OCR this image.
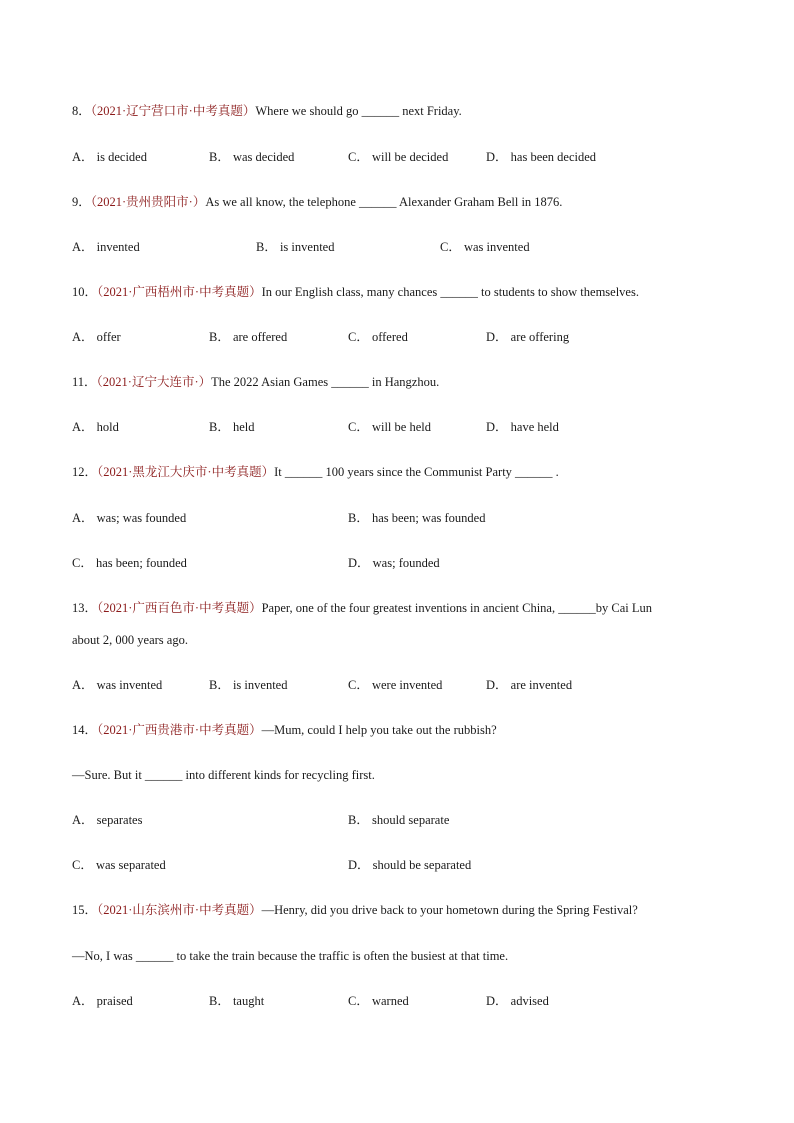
8．（2021·辽宁营口市·中考真题）Where we should go ______ next Friday.
A． is decided	B． was decided	C． will be decided	D． has been decided
9．（2021·贵州贵阳市·）As we all know, the telephone ______ Alexander Graham Bell in 1876.
A． invented	B． is invented	C． was invented
10．（2021·广西梧州市·中考真题）In our English class, many chances ______ to students to show themselves.
A． offer	B． are offered	C． offered	D． are offering
11．（2021·辽宁大连市·）The 2022 Asian Games ______ in Hangzhou.
A． hold	B． held	C． will be held	D． have held
12．（2021·黑龙江大庆市·中考真题）It ______ 100 years since the Communist Party ______ .
A． was; was founded	B． has been; was founded
C． has been; founded	D． was; founded
13．（2021·广西百色市·中考真题）Paper, one of the four greatest inventions in ancient China, ______by Cai Lun
about 2, 000 years ago.
A． was invented	B． is invented	C． were invented	D． are invented
14．（2021·广西贵港市·中考真题）—Mum, could I help you take out the rubbish?
—Sure. But it ______ into different kinds for recycling first.
A． separates	B． should separate
C． was separated	D． should be separated
15．（2021·山东滨州市·中考真题）—Henry, did you drive back to your hometown during the Spring Festival?
—No, I was ______ to take the train because the traffic is often the busiest at that time.
A． praised	B． taught	C． warned	D． advised
